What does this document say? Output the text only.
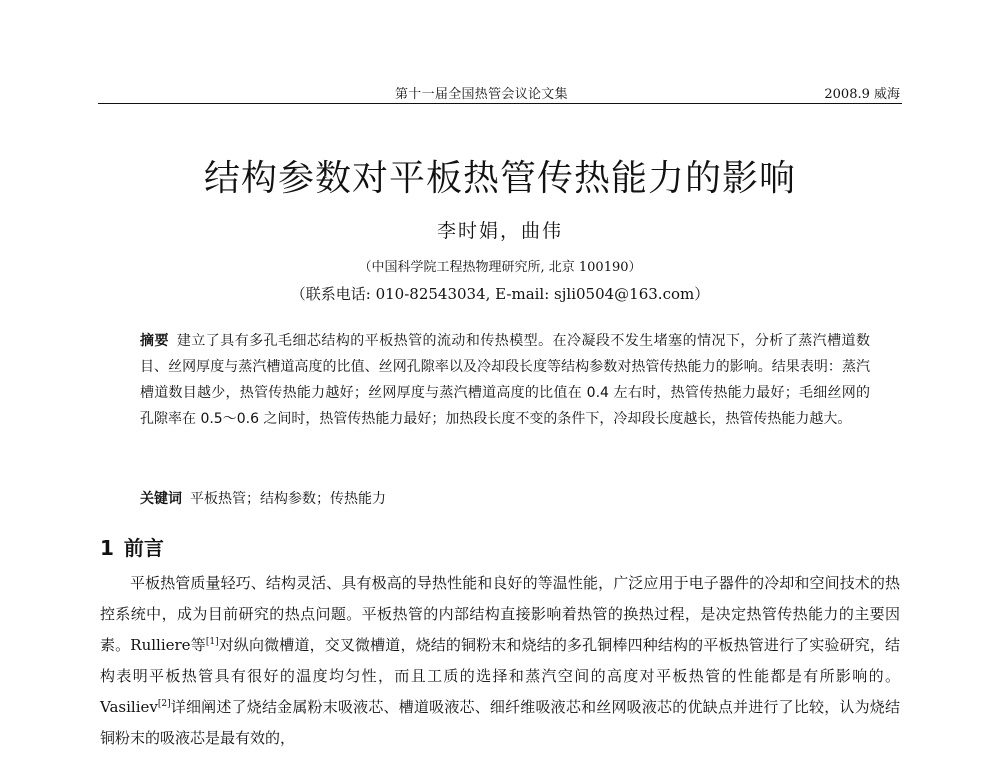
第十一届全国热管会议论文集	2008.9 威海
结构参数对平板热管传热能力的影响
李时娟，曲伟
（中国科学院工程热物理研究所, 北京 100190）
（联系电话: 010-82543034, E-mail: sjli0504@163.com）
摘要 建立了具有多孔毛细芯结构的平板热管的流动和传热模型。在冷凝段不发生堵塞的情况下，分析了蒸汽槽道数目、丝网厚度与蒸汽槽道高度的比值、丝网孔隙率以及冷却段长度等结构参数对热管传热能力的影响。结果表明：蒸汽槽道数目越少，热管传热能力越好；丝网厚度与蒸汽槽道高度的比值在 0.4 左右时，热管传热能力最好；毛细丝网的孔隙率在 0.5～0.6 之间时，热管传热能力最好；加热段长度不变的条件下，冷却段长度越长，热管传热能力越大。
关键词 平板热管；结构参数；传热能力
1 前言

平板热管质量轻巧、结构灵活、具有极高的导热性能和良好的等温性能，广泛应用于电子器件的冷却和空间技术的热控系统中，成为目前研究的热点问题。平板热管的内部结构直接影响着热管的换热过程，是决定热管传热能力的主要因素。Rulliere等[1]对纵向微槽道，交叉微槽道，烧结的铜粉末和烧结的多孔铜棒四种结构的平板热管进行了实验研究，结构表明平板热管具有很好的温度均匀性，而且工质的选择和蒸汽空间的高度对平板热管的性能都是有所影响的。Vasiliev[2]详细阐述了烧结金属粉末吸液芯、槽道吸液芯、细纤维吸液芯和丝网吸液芯的优缺点并进行了比较，认为烧结铜粉末的吸液芯是最有效的，
